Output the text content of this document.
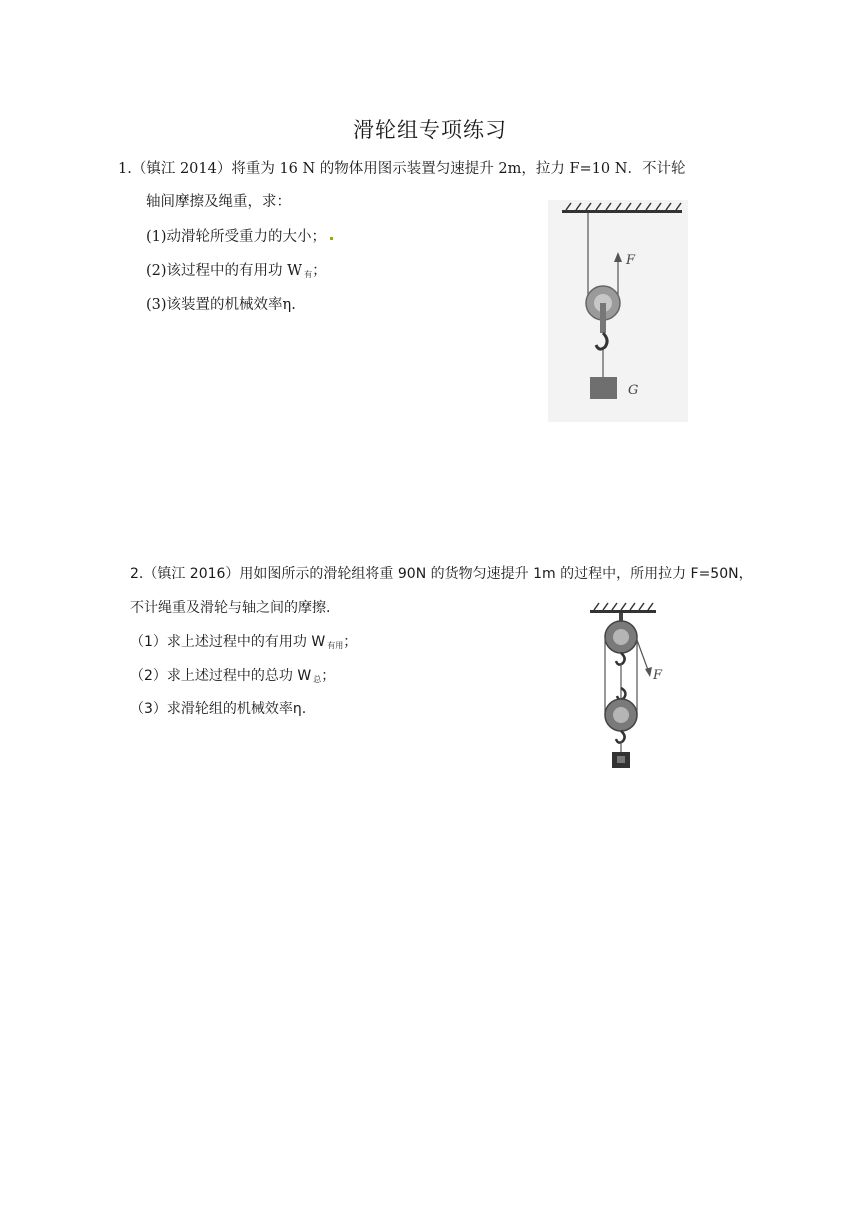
滑轮组专项练习
1.（镇江 2014）将重为 16 N 的物体用图示装置匀速提升 2m，拉力 F=10 N．不计轮
轴间摩擦及绳重，求：
(1)动滑轮所受重力的大小；
(2)该过程中的有用功 W $_有$；
(3)该装置的机械效率η.
F
G
2.（镇江 2016）用如图所示的滑轮组将重 90N 的货物匀速提升 1m 的过程中，所用拉力 F=50N，
不计绳重及滑轮与轴之间的摩擦.
（1）求上述过程中的有用功 W $_{有用}$；
（2）求上述过程中的总功 W $_总$；
（3）求滑轮组的机械效率η.
F
